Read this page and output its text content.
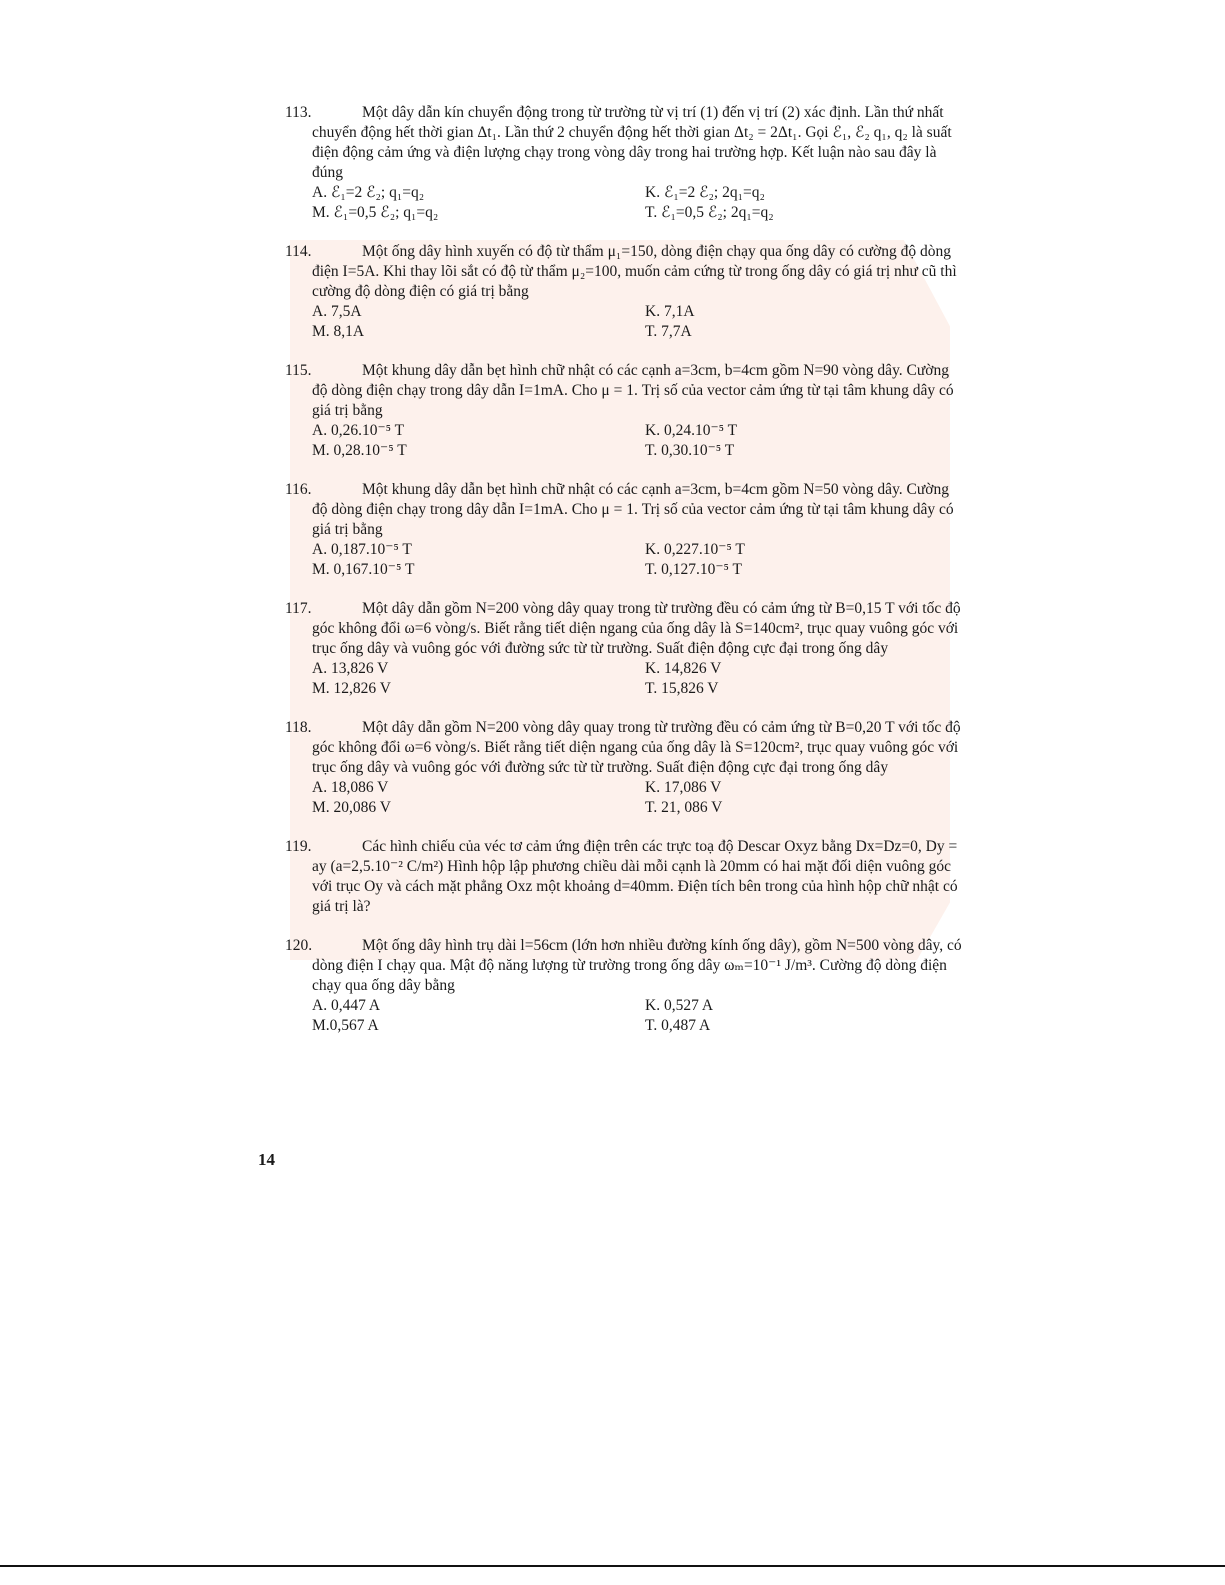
113.	Một dây dẫn kín chuyển động trong từ trường từ vị trí (1) đến vị trí (2) xác định. Lần thứ nhất chuyển động hết thời gian Δt₁. Lần thứ 2 chuyển động hết thời gian Δt₂ = 2Δt₁. Gọi ℰ₁, ℰ₂ q₁, q₂ là suất điện động cảm ứng và điện lượng chạy trong vòng dây trong hai trường hợp. Kết luận nào sau đây là đúng
A. ℰ₁=2 ℰ₂; q₁=q₂	K. ℰ₁=2 ℰ₂; 2q₁=q₂
M. ℰ₁=0,5 ℰ₂; q₁=q₂	T. ℰ₁=0,5 ℰ₂; 2q₁=q₂
114.	Một ống dây hình xuyến có độ từ thẩm μ₁=150, dòng điện chạy qua ống dây có cường độ dòng điện I=5A. Khi thay lõi sắt có độ từ thẩm μ₂=100, muốn cảm cứng từ trong ống dây có giá trị như cũ thì cường độ dòng điện có giá trị bằng
A. 7,5A	K. 7,1A
M. 8,1A	T. 7,7A
115.	Một khung dây dẫn bẹt hình chữ nhật có các cạnh a=3cm, b=4cm gồm N=90 vòng dây. Cường độ dòng điện chạy trong dây dẫn I=1mA. Cho μ = 1. Trị số của vector cảm ứng từ tại tâm khung dây có giá trị bằng
A. 0,26.10⁻⁵ T	K. 0,24.10⁻⁵ T
M. 0,28.10⁻⁵ T	T. 0,30.10⁻⁵ T
116.	Một khung dây dẫn bẹt hình chữ nhật có các cạnh a=3cm, b=4cm gồm N=50 vòng dây. Cường độ dòng điện chạy trong dây dẫn I=1mA. Cho μ = 1. Trị số của vector cảm ứng từ tại tâm khung dây có giá trị bằng
A. 0,187.10⁻⁵ T	K. 0,227.10⁻⁵ T
M. 0,167.10⁻⁵ T	T. 0,127.10⁻⁵ T
117.	Một dây dẫn gồm N=200 vòng dây quay trong từ trường đều có cảm ứng từ B=0,15 T với tốc độ góc không đổi ω=6 vòng/s. Biết rằng tiết diện ngang của ống dây là S=140cm², trục quay vuông góc với trục ống dây và vuông góc với đường sức từ từ trường. Suất điện động cực đại trong ống dây
A. 13,826 V	K. 14,826 V
M. 12,826 V	T. 15,826 V
118.	Một dây dẫn gồm N=200 vòng dây quay trong từ trường đều có cảm ứng từ B=0,20 T với tốc độ góc không đổi ω=6 vòng/s. Biết rằng tiết diện ngang của ống dây là S=120cm², trục quay vuông góc với trục ống dây và vuông góc với đường sức từ từ trường. Suất điện động cực đại trong ống dây
A. 18,086 V	K. 17,086 V
M. 20,086 V	T. 21, 086 V
119.	Các hình chiếu của véc tơ cảm ứng điện trên các trực toạ độ Descar Oxyz bằng Dx=Dz=0, Dy = ay (a=2,5.10⁻² C/m²) Hình hộp lập phương chiều dài mỗi cạnh là 20mm có hai mặt đối diện vuông góc với trục Oy và cách mặt phẳng Oxz một khoảng d=40mm. Điện tích bên trong của hình hộp chữ nhật có giá trị là?
120.	Một ống dây hình trụ dài l=56cm (lớn hơn nhiều đường kính ống dây), gồm N=500 vòng dây, có dòng điện I chạy qua. Mật độ năng lượng từ trường trong ống dây ωₘ=10⁻¹ J/m³. Cường độ dòng điện chạy qua ống dây bằng
A. 0,447 A	K. 0,527 A
M.0,567 A	T. 0,487 A
14
